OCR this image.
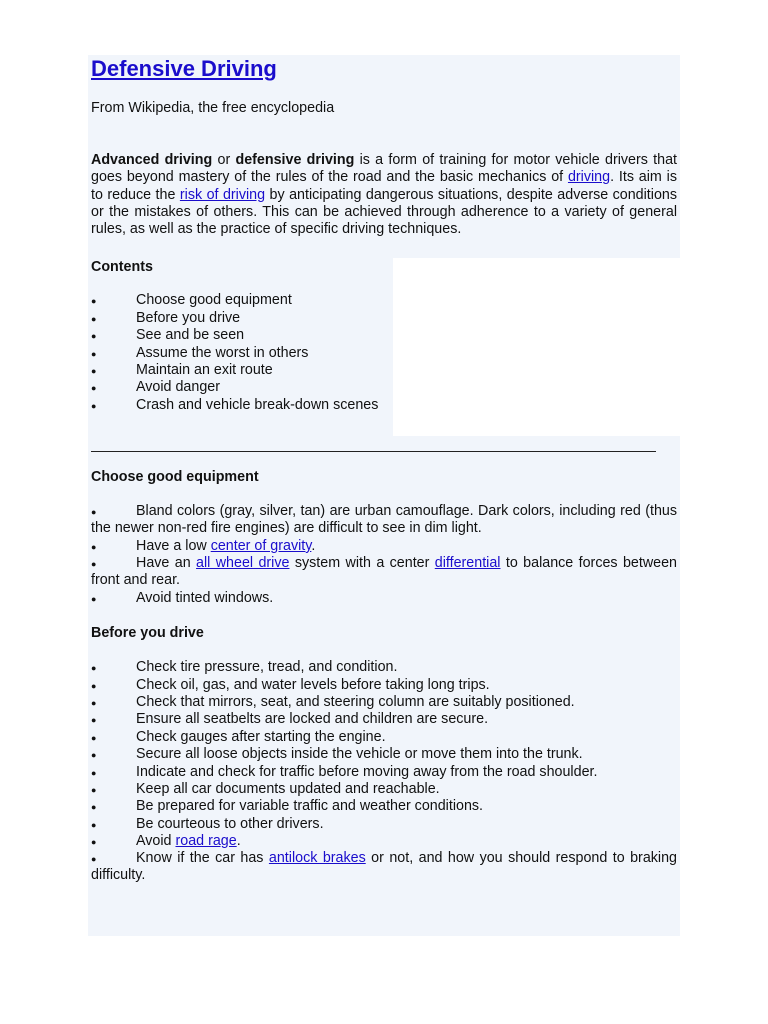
Defensive Driving
From Wikipedia, the free encyclopedia

Advanced driving or defensive driving is a form of training for motor vehicle drivers that goes beyond mastery of the rules of the road and the basic mechanics of driving. Its aim is to reduce the risk of driving by anticipating dangerous situations, despite adverse conditions or the mistakes of others. This can be achieved through adherence to a variety of general rules, as well as the practice of specific driving techniques.

Contents
●	Choose good equipment
●	Before you drive
●	See and be seen
●	Assume the worst in others
●	Maintain an exit route
●	Avoid danger
●	Crash and vehicle break-down scenes
Choose good equipment
●	Bland colors (gray, silver, tan) are urban camouflage. Dark colors, including red (thus the newer non-red fire engines) are difficult to see in dim light.
●	Have a low center of gravity.
●	Have an all wheel drive system with a center differential to balance forces between front and rear.
●	Avoid tinted windows.
Before you drive
●	Check tire pressure, tread, and condition.
●	Check oil, gas, and water levels before taking long trips.
●	Check that mirrors, seat, and steering column are suitably positioned.
●	Ensure all seatbelts are locked and children are secure.
●	Check gauges after starting the engine.
●	Secure all loose objects inside the vehicle or move them into the trunk.
●	Indicate and check for traffic before moving away from the road shoulder.
●	Keep all car documents updated and reachable.
●	Be prepared for variable traffic and weather conditions.
●	Be courteous to other drivers.
●	Avoid road rage.
●	Know if the car has antilock brakes or not, and how you should respond to braking difficulty.
